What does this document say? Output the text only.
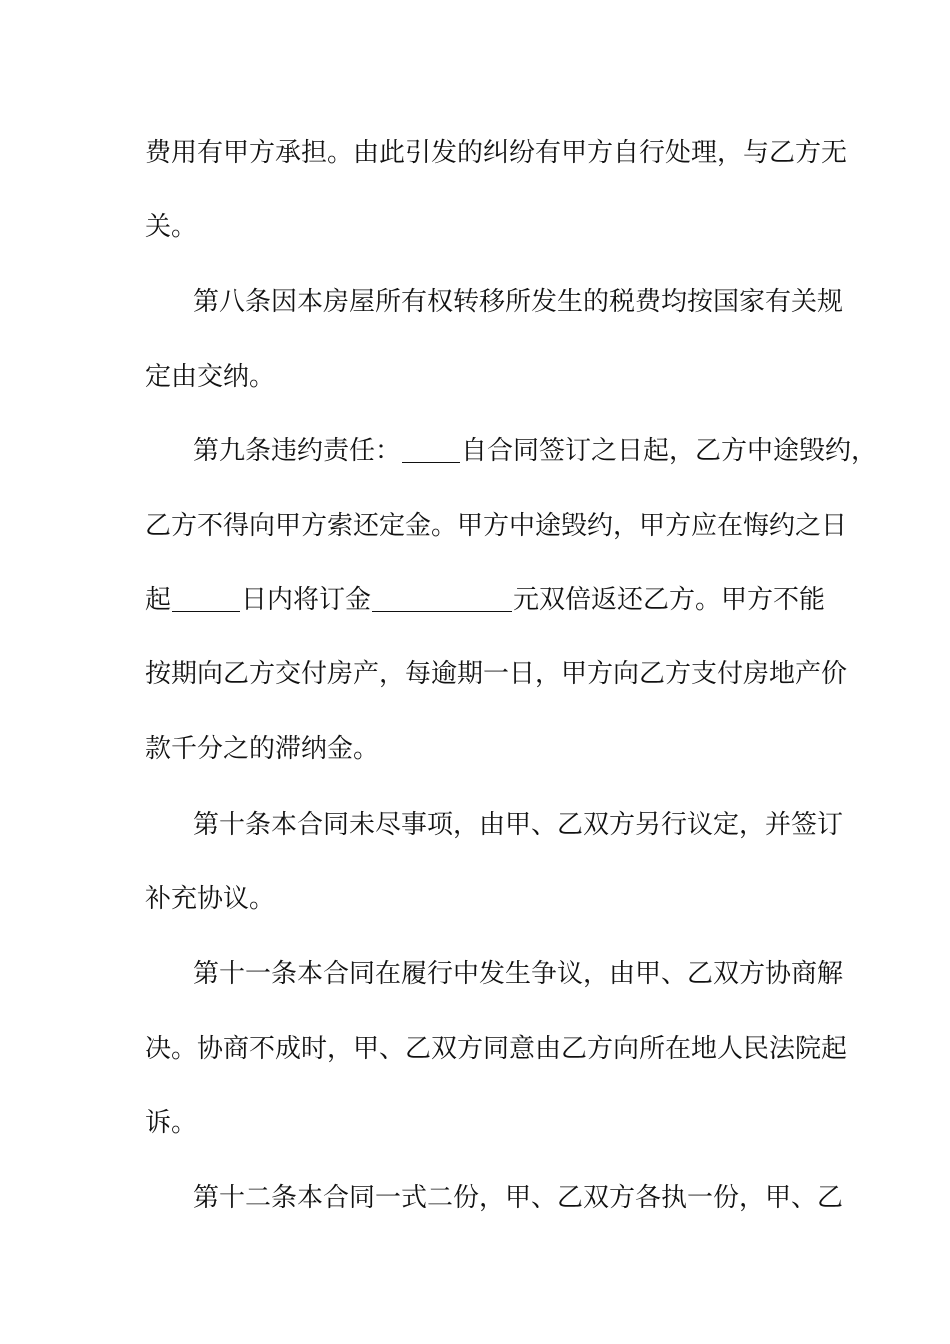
费用有甲方承担。由此引发的纠纷有甲方自行处理，与乙方无
关。
第八条因本房屋所有权转移所发生的税费均按国家有关规
定由交纳。
第九条违约责任： 自合同签订之日起，乙方中途毁约，
乙方不得向甲方索还定金。甲方中途毁约，甲方应在悔约之日
起	日内将订金	元双倍返还乙方。甲方不能
按期向乙方交付房产，每逾期一日，甲方向乙方支付房地产价
款千分之的滞纳金。
第十条本合同未尽事项，由甲、乙双方另行议定，并签订
补充协议。
第十一条本合同在履行中发生争议，由甲、乙双方协商解
决。协商不成时，甲、乙双方同意由乙方向所在地人民法院起
诉。
第十二条本合同一式二份，甲、乙双方各执一份，甲、乙
